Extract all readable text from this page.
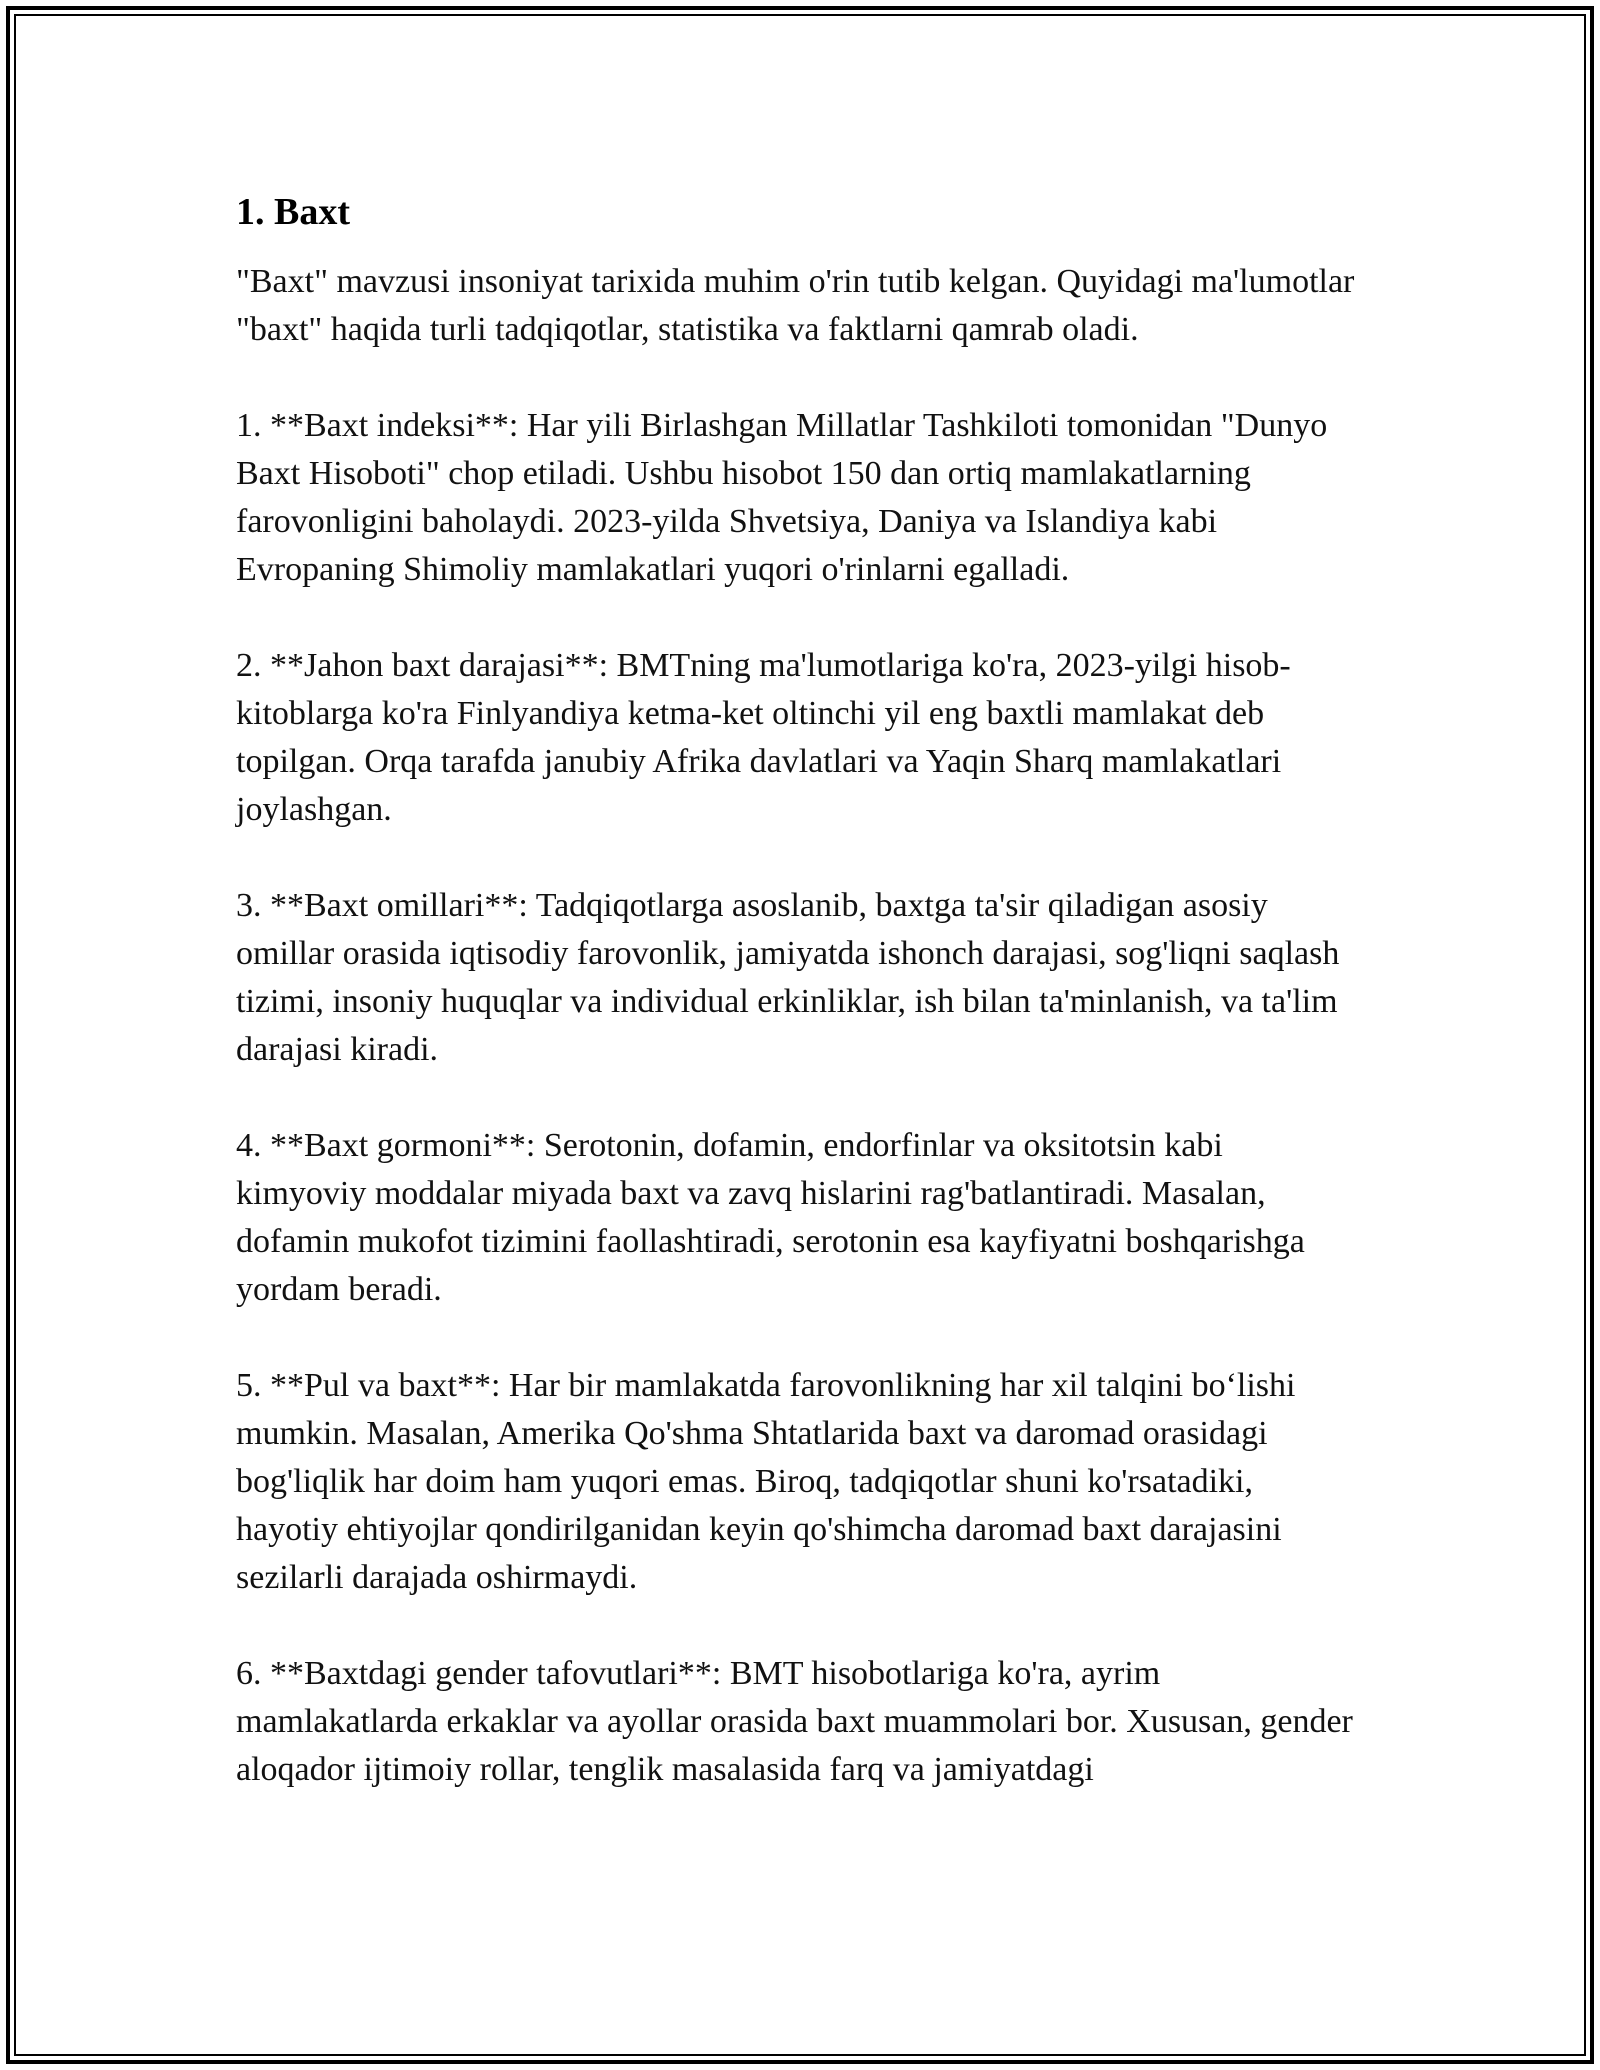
1. Baxt

"Baxt" mavzusi insoniyat tarixida muhim o'rin tutib kelgan. Quyidagi ma'lumotlar "baxt" haqida turli tadqiqotlar, statistika va faktlarni qamrab oladi.

1. **Baxt indeksi**: Har yili Birlashgan Millatlar Tashkiloti tomonidan "Dunyo Baxt Hisoboti" chop etiladi. Ushbu hisobot 150 dan ortiq mamlakatlarning farovonligini baholaydi. 2023-yilda Shvetsiya, Daniya va Islandiya kabi Evropaning Shimoliy mamlakatlari yuqori o'rinlarni egalladi.

2. **Jahon baxt darajasi**: BMTning ma'lumotlariga ko'ra, 2023-yilgi hisob-kitoblarga ko'ra Finlyandiya ketma-ket oltinchi yil eng baxtli mamlakat deb topilgan. Orqa tarafda janubiy Afrika davlatlari va Yaqin Sharq mamlakatlari joylashgan.

3. **Baxt omillari**: Tadqiqotlarga asoslanib, baxtga ta'sir qiladigan asosiy omillar orasida iqtisodiy farovonlik, jamiyatda ishonch darajasi, sog'liqni saqlash tizimi, insoniy huquqlar va individual erkinliklar, ish bilan ta'minlanish, va ta'lim darajasi kiradi.

4. **Baxt gormoni**: Serotonin, dofamin, endorfinlar va oksitotsin kabi kimyoviy moddalar miyada baxt va zavq hislarini rag'batlantiradi. Masalan, dofamin mukofot tizimini faollashtiradi, serotonin esa kayfiyatni boshqarishga yordam beradi.

5. **Pul va baxt**: Har bir mamlakatda farovonlikning har xil talqini bo‘lishi mumkin. Masalan, Amerika Qo'shma Shtatlarida baxt va daromad orasidagi bog'liqlik har doim ham yuqori emas. Biroq, tadqiqotlar shuni ko'rsatadiki, hayotiy ehtiyojlar qondirilganidan keyin qo'shimcha daromad baxt darajasini sezilarli darajada oshirmaydi.

6. **Baxtdagi gender tafovutlari**: BMT hisobotlariga ko'ra, ayrim mamlakatlarda erkaklar va ayollar orasida baxt muammolari bor. Xususan, gender aloqador ijtimoiy rollar, tenglik masalasida farq va jamiyatdagi
